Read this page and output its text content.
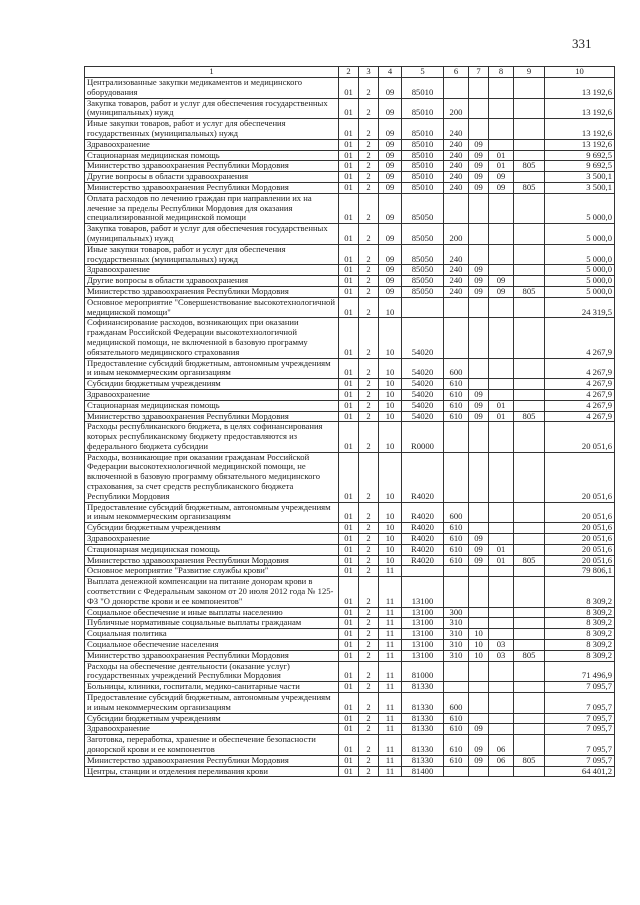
331
1	2	3	4	5	6	7	8	9	10
Централизованные закупки медикаментов и медицинского оборудования	01	2	09	85010					13 192,6
Закупка товаров, работ и услуг для обеспечения государственных (муниципальных) нужд	01	2	09	85010	200				13 192,6
Иные закупки товаров, работ и услуг для обеспечения государственных (муниципальных) нужд	01	2	09	85010	240				13 192,6
Здравоохранение	01	2	09	85010	240	09			13 192,6
Стационарная медицинская помощь	01	2	09	85010	240	09	01		9 692,5
Министерство здравоохранения Республики Мордовия	01	2	09	85010	240	09	01	805	9 692,5
Другие вопросы в области здравоохранения	01	2	09	85010	240	09	09		3 500,1
Министерство здравоохранения Республики Мордовия	01	2	09	85010	240	09	09	805	3 500,1
Оплата расходов по лечению граждан при направлении их на лечение за пределы Республики Мордовия для оказания специализированной медицинской помощи	01	2	09	85050					5 000,0
Закупка товаров, работ и услуг для обеспечения государственных (муниципальных) нужд	01	2	09	85050	200				5 000,0
Иные закупки товаров, работ и услуг для обеспечения государственных (муниципальных) нужд	01	2	09	85050	240				5 000,0
Здравоохранение	01	2	09	85050	240	09			5 000,0
Другие вопросы в области здравоохранения	01	2	09	85050	240	09	09		5 000,0
Министерство здравоохранения Республики Мордовия	01	2	09	85050	240	09	09	805	5 000,0
Основное мероприятие "Совершенствование высокотехнологичной медицинской помощи"	01	2	10						24 319,5
Софинансирование расходов, возникающих при оказании гражданам Российской Федерации высокотехнологичной медицинской помощи, не включенной в базовую программу обязательного медицинского страхования	01	2	10	54020					4 267,9
Предоставление субсидий бюджетным, автономным учреждениям и иным некоммерческим организациям	01	2	10	54020	600				4 267,9
Субсидии бюджетным учреждениям	01	2	10	54020	610				4 267,9
Здравоохранение	01	2	10	54020	610	09			4 267,9
Стационарная медицинская помощь	01	2	10	54020	610	09	01		4 267,9
Министерство здравоохранения Республики Мордовия	01	2	10	54020	610	09	01	805	4 267,9
Расходы республиканского бюджета, в целях софинансирования которых республиканскому бюджету предоставляются из федерального бюджета субсидии	01	2	10	R0000					20 051,6
Расходы, возникающие при оказании гражданам Российской Федерации высокотехнологичной медицинской помощи, не включенной в базовую программу обязательного медицинского страхования, за счет средств республиканского бюджета Республики Мордовия	01	2	10	R4020					20 051,6
Предоставление субсидий бюджетным, автономным учреждениям и иным некоммерческим организациям	01	2	10	R4020	600				20 051,6
Субсидии бюджетным учреждениям	01	2	10	R4020	610				20 051,6
Здравоохранение	01	2	10	R4020	610	09			20 051,6
Стационарная медицинская помощь	01	2	10	R4020	610	09	01		20 051,6
Министерство здравоохранения Республики Мордовия	01	2	10	R4020	610	09	01	805	20 051,6
Основное мероприятие "Развитие службы крови"	01	2	11						79 806,1
Выплата денежной компенсации на питание донорам крови в соответствии с Федеральным законом от 20 июля 2012 года № 125-ФЗ "О донорстве крови и ее компонентов"	01	2	11	13100					8 309,2
Социальное обеспечение и иные выплаты населению	01	2	11	13100	300				8 309,2
Публичные нормативные социальные выплаты гражданам	01	2	11	13100	310				8 309,2
Социальная политика	01	2	11	13100	310	10			8 309,2
Социальное обеспечение населения	01	2	11	13100	310	10	03		8 309,2
Министерство здравоохранения Республики Мордовия	01	2	11	13100	310	10	03	805	8 309,2
Расходы на обеспечение деятельности (оказание услуг) государственных учреждений Республики Мордовия	01	2	11	81000					71 496,9
Больницы, клиники, госпитали, медико-санитарные части	01	2	11	81330					7 095,7
Предоставление субсидий бюджетным, автономным учреждениям и иным некоммерческим организациям	01	2	11	81330	600				7 095,7
Субсидии бюджетным учреждениям	01	2	11	81330	610				7 095,7
Здравоохранение	01	2	11	81330	610	09			7 095,7
Заготовка, переработка, хранение и обеспечение безопасности донорской крови и ее компонентов	01	2	11	81330	610	09	06		7 095,7
Министерство здравоохранения Республики Мордовия	01	2	11	81330	610	09	06	805	7 095,7
Центры, станции и отделения переливания крови	01	2	11	81400					64 401,2
